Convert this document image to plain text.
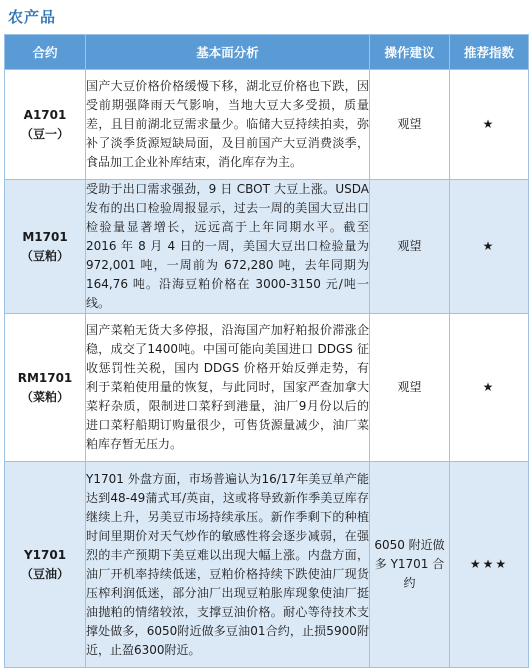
农产品
合约	基本面分析	操作建议	推荐指数

A1701
（豆一）	国产大豆价格价格缓慢下移，湖北豆价格也下跌，因受前期强降雨天气影响，当地大豆大多受损，质量差，且目前湖北豆需求量少。临储大豆持续拍卖，弥补了淡季货源短缺局面，及目前国产大豆消费淡季，食品加工企业补库结束，消化库存为主。	观望	★

M1701
（豆粕）	受助于出口需求强劲，9 日 CBOT 大豆上涨。USDA 发布的出口检验周报显示，过去一周的美国大豆出口检验量显著增长，远远高于上年同期水平。截至 2016 年 8 月 4 日的一周，美国大豆出口检验量为 972,001 吨，一周前为 672,280 吨，去年同期为 164,76 吨。沿海豆粕价格在 3000-3150 元/吨一线。	观望	★

RM1701
（菜粕）	国产菜粕无货大多停报，沿海国产加籽粕报价滞涨企稳，成交了1400吨。中国可能向美国进口 DDGS 征收惩罚性关税，国内 DDGS 价格开始反弹走势，有利于菜粕使用量的恢复，与此同时，国家严查加拿大菜籽杂质，限制进口菜籽到港量，油厂9月份以后的进口菜籽船期订购量很少，可售货源量减少，油厂菜粕库存暂无压力。	观望	★

Y1701
（豆油）	Y1701 外盘方面，市场普遍认为16/17年美豆单产能达到48-49蒲式耳/英亩，这或将导致新作季美豆库存继续上升，另美豆市场持续承压。新作季剩下的种植时间里期价对天气炒作的敏感性将会逐步减弱，在强烈的丰产预期下美豆难以出现大幅上涨。内盘方面，油厂开机率持续低迷，豆粕价格持续下跌使油厂现货压榨利润低迷，部分油厂出现豆粕胀库现象使油厂挺油抛粕的情绪较浓，支撑豆油价格。耐心等待技术支撑处做多，6050附近做多豆油01合约，止损5900附近，止盈6300附近。	6050 附近做多 Y1701 合约	★★★
